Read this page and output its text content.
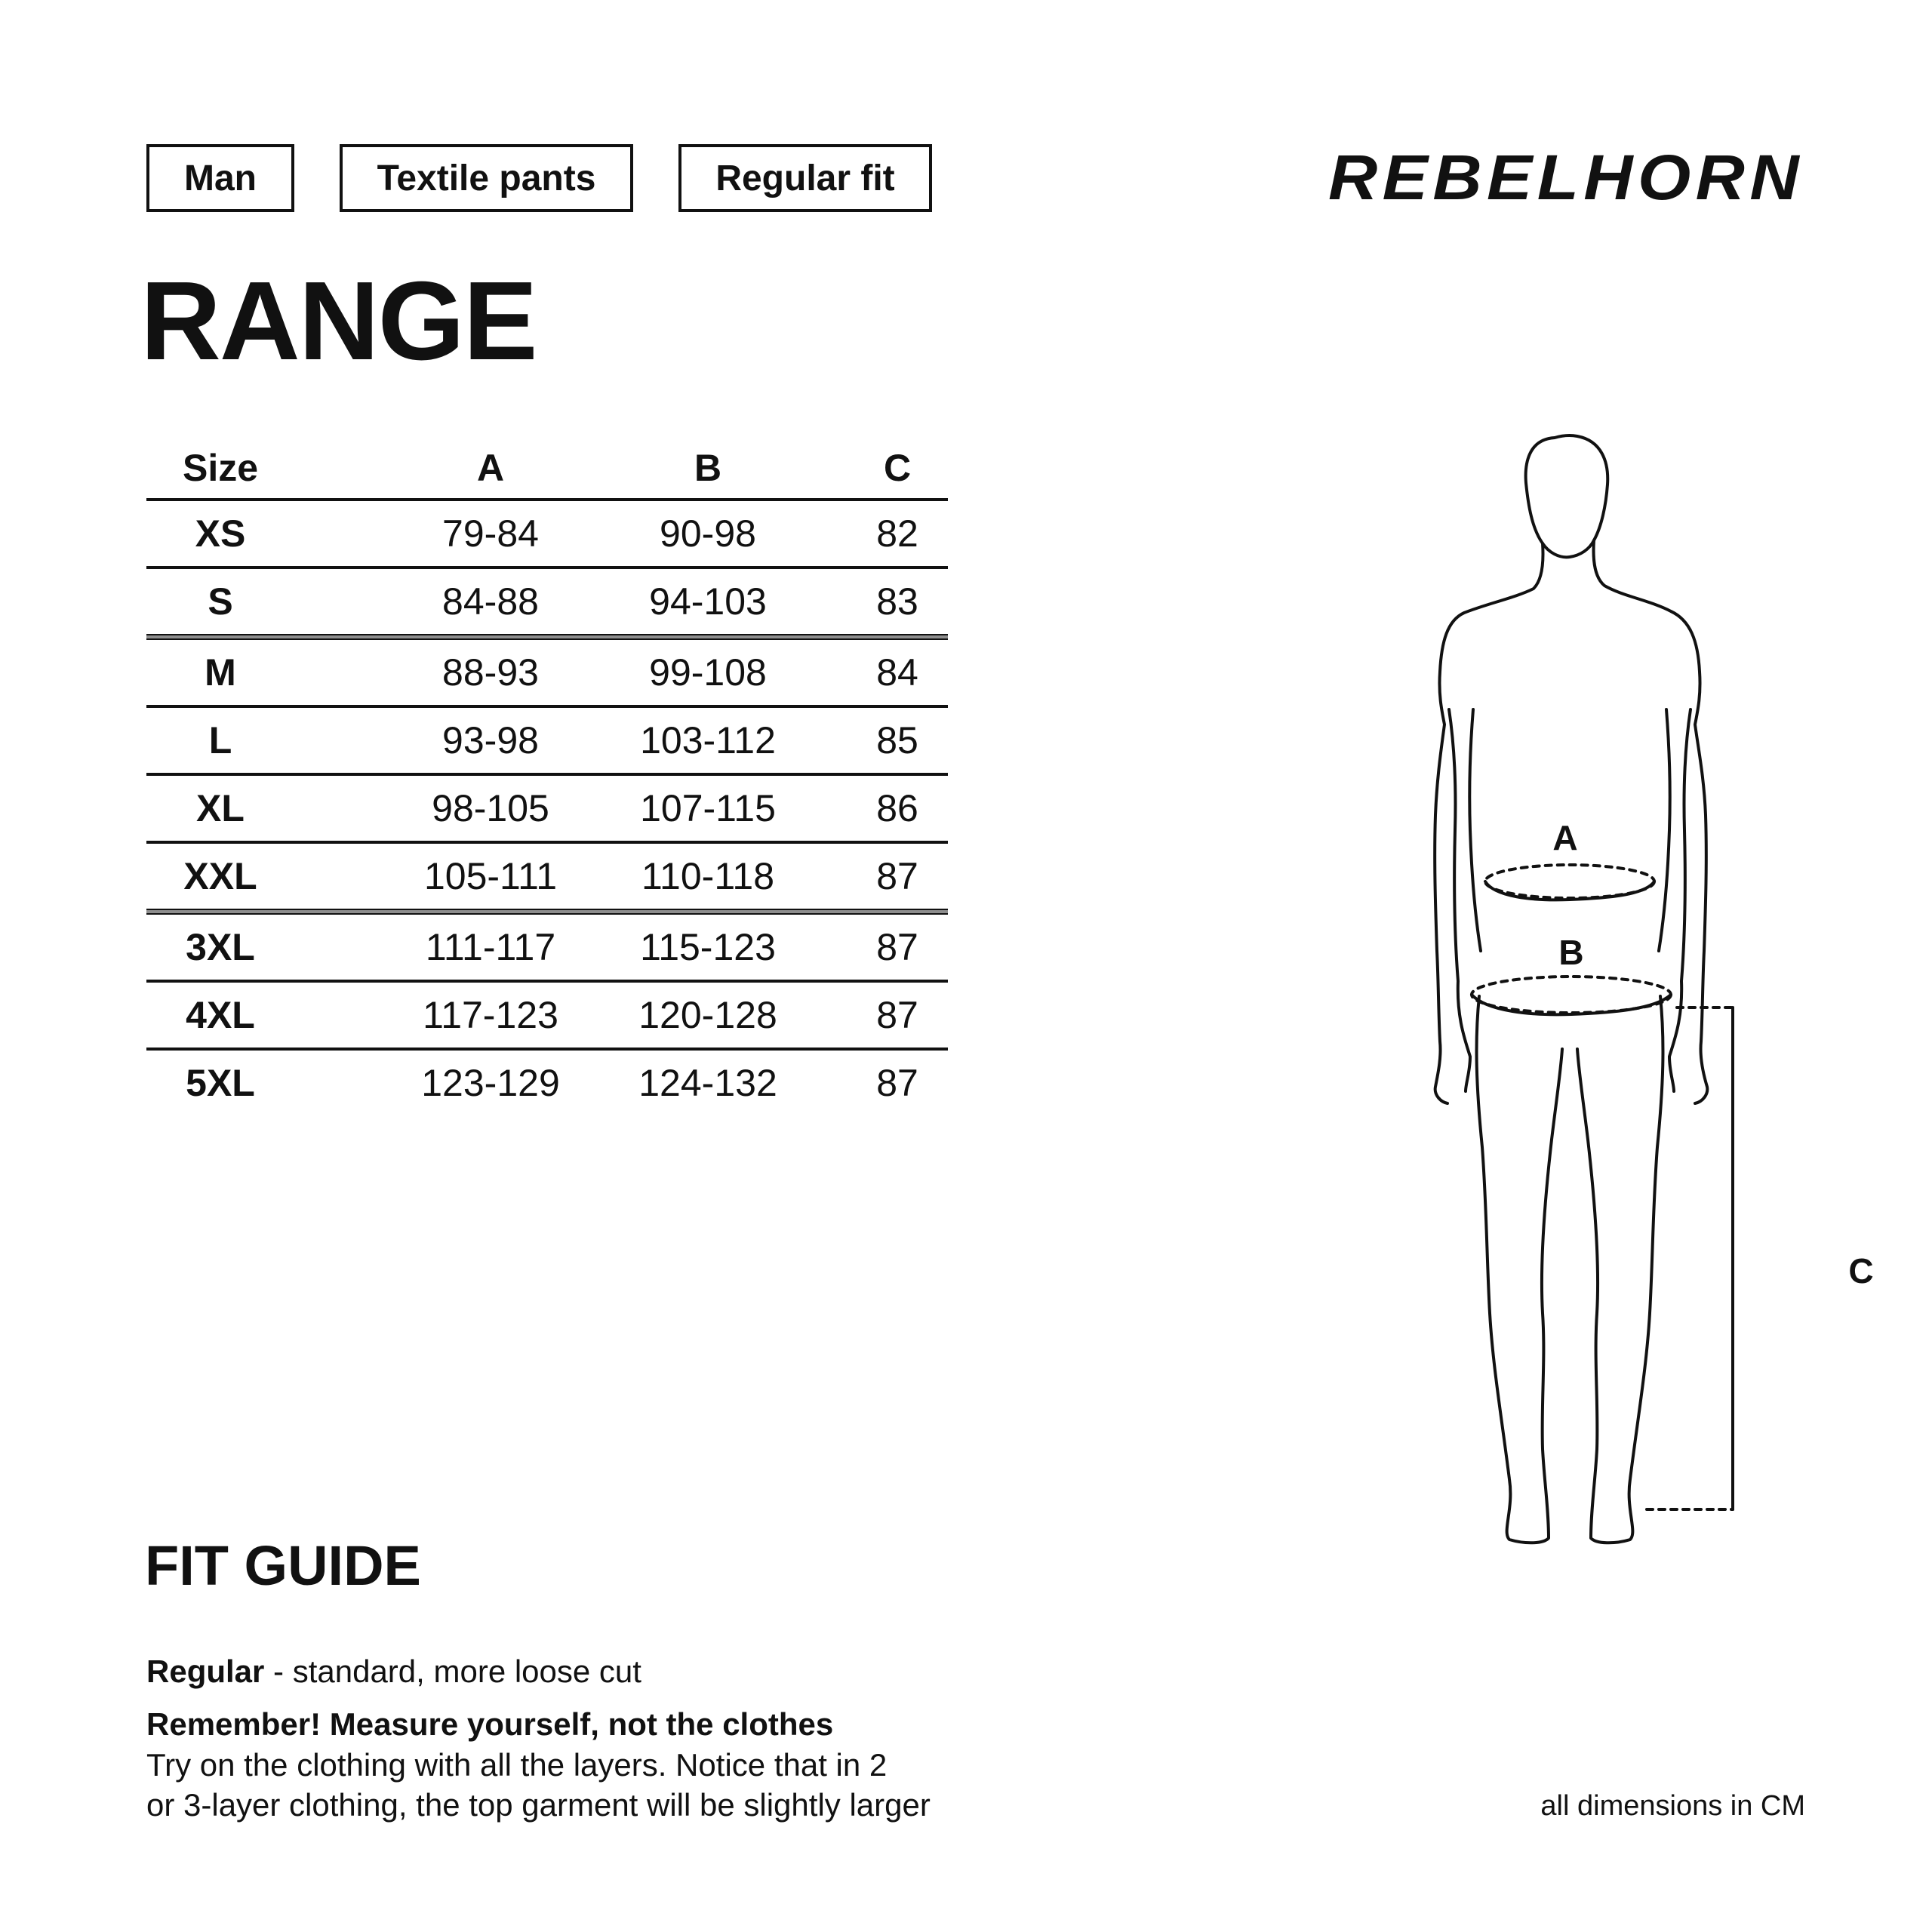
Man	Textile pants	Regular fit	REBELHORN
RANGE
Size	A	B	C
XS	79-84	90-98	82
S	84-88	94-103	83
M	88-93	99-108	84
L	93-98	103-112	85
XL	98-105	107-115	86
XXL	105-111	110-118	87
3XL	111-117	115-123	87
4XL	117-123	120-128	87
5XL	123-129	124-132	87
A
B
C
FIT GUIDE
Regular - standard, more loose cut
Remember! Measure yourself, not the clothes
Try on the clothing with all the layers. Notice that in 2
or 3-layer clothing, the top garment will be slightly larger	all dimensions in CM
